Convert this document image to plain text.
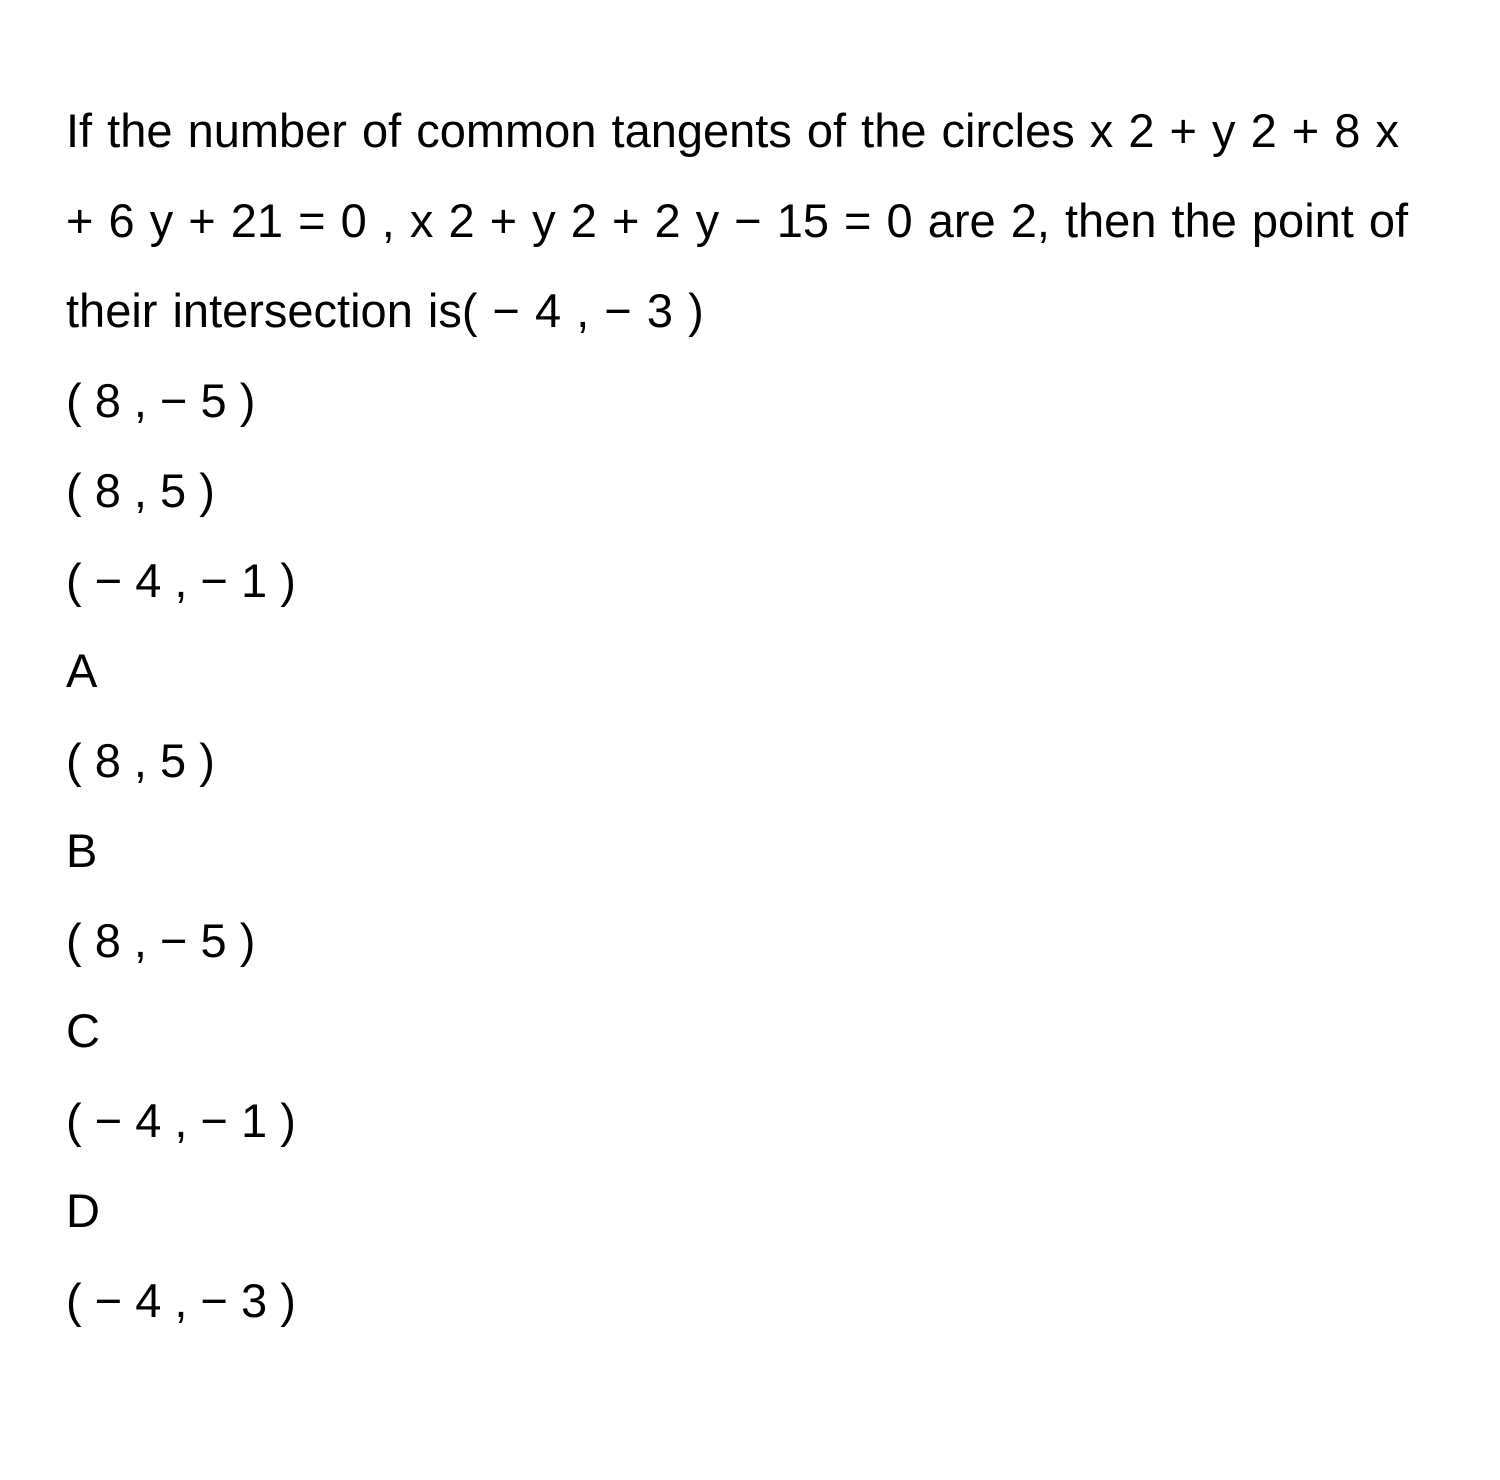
If the number of common tangents of the circles x 2 + y 2 + 8 x + 6 y + 21 = 0 , x 2 + y 2 + 2 y − 15 = 0 are 2, then the point of their intersection is( − 4 , − 3 )

( 8 , − 5 )
( 8 , 5 )
( − 4 , − 1 )
A
( 8 , 5 )
B
( 8 , − 5 )
C
( − 4 , − 1 )
D
( − 4 , − 3 )
